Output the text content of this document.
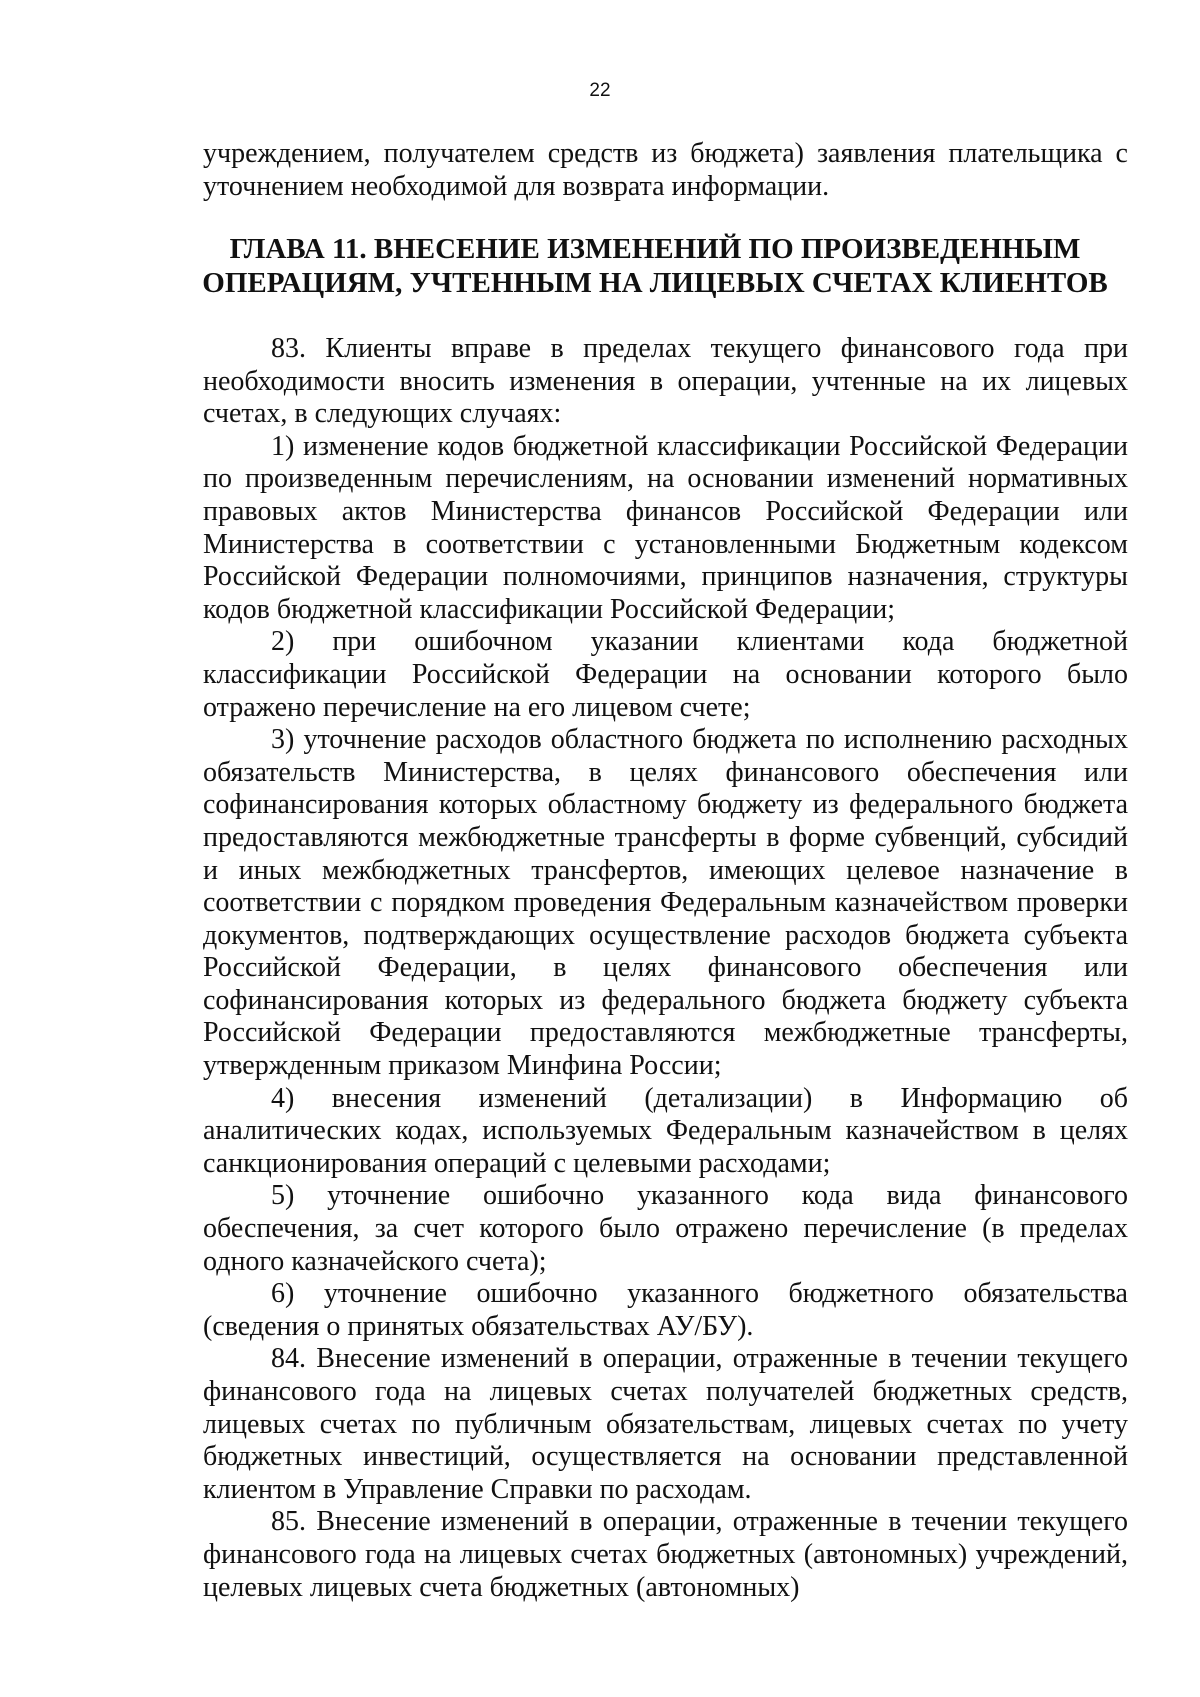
22

учреждением, получателем средств из бюджета) заявления плательщика с уточнением необходимой для возврата информации.

ГЛАВА 11. ВНЕСЕНИЕ ИЗМЕНЕНИЙ ПО ПРОИЗВЕДЕННЫМ
ОПЕРАЦИЯМ, УЧТЕННЫМ НА ЛИЦЕВЫХ СЧЕТАХ КЛИЕНТОВ

83. Клиенты вправе в пределах текущего финансового года при необходимости вносить изменения в операции, учтенные на их лицевых счетах, в следующих случаях:

1) изменение кодов бюджетной классификации Российской Федерации по произведенным перечислениям, на основании изменений нормативных правовых актов Министерства финансов Российской Федерации или Министерства в соответствии с установленными Бюджетным кодексом Российской Федерации полномочиями, принципов назначения, структуры кодов бюджетной классификации Российской Федерации;

2) при ошибочном указании клиентами кода бюджетной классификации Российской Федерации на основании которого было отражено перечисление на его лицевом счете;

3) уточнение расходов областного бюджета по исполнению расходных обязательств Министерства, в целях финансового обеспечения или софинансирования которых областному бюджету из федерального бюджета предоставляются межбюджетные трансферты в форме субвенций, субсидий и иных межбюджетных трансфертов, имеющих целевое назначение в соответствии с порядком проведения Федеральным казначейством проверки документов, подтверждающих осуществление расходов бюджета субъекта Российской Федерации, в целях финансового обеспечения или софинансирования которых из федерального бюджета бюджету субъекта Российской Федерации предоставляются межбюджетные трансферты, утвержденным приказом Минфина России;

4) внесения изменений (детализации) в Информацию об аналитических кодах, используемых Федеральным казначейством в целях санкционирования операций с целевыми расходами;

5) уточнение ошибочно указанного кода вида финансового обеспечения, за счет которого было отражено перечисление (в пределах одного казначейского счета);

6) уточнение ошибочно указанного бюджетного обязательства (сведения о принятых обязательствах АУ/БУ).

84. Внесение изменений в операции, отраженные в течении текущего финансового года на лицевых счетах получателей бюджетных средств, лицевых счетах по публичным обязательствам, лицевых счетах по учету бюджетных инвестиций, осуществляется на основании представленной клиентом в Управление Справки по расходам.

85. Внесение изменений в операции, отраженные в течении текущего финансового года на лицевых счетах бюджетных (автономных) учреждений, целевых лицевых счета бюджетных (автономных)
